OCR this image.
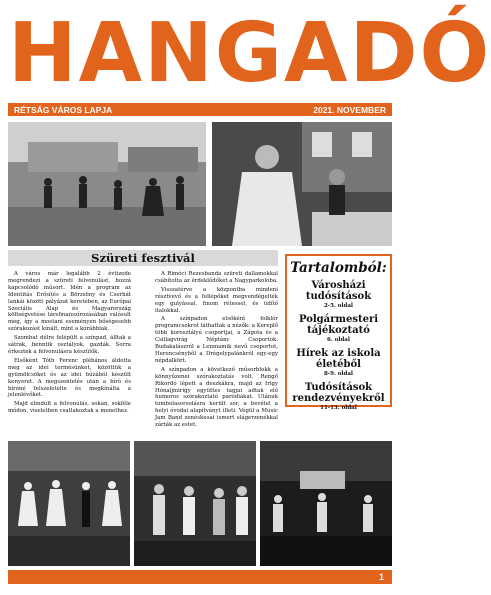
HANGADÓ
RÉTSÁG VÁROS LAPJA	2021. NOVEMBER
Szüreti fesztivál

A város már legalább 2 évtizede megrendezi a szüreti felvonulást, hozzá kapcsolódó műsort. Idén a program az Identitás Erősítés a Börzsöny és Cserhát lankái között pályázat keretében, az Európai Szociális Alap és Magyarország költségvetése társfinanszírozásában valósult meg, így a mostani eseményen bőségesebb szórakozást kínált, mint a korábbiak.

Szombat délre felépült a színpad, álltak a sátrak, benntik osztályok, gazdák. Sorra érkeztek a felvonulásra készülők.

Elsőként Tóth Ferenc plébános áldotta meg az idei termésünket, közöttük a gyümölcsöket és az idei búzából készült kenyeret. A megszentelés után a bíró és bíróné felszeletelte és megkínálta a jelenlévőket.

Majd elindult a felvonulás, sokan, sokféle módon, viseletben csatlakoztak a menethez.

A Rimóci Rezesbanda szüreti dallamokkal csábította az érdeklődőket a Nagyparkolóba.

Visszatérve a központba mindeni résztvevő és a fellépőket megvendégelték egy gulyással, finom rétessel, és üdítő italokkal.

A színpadon elsőként folklór programcsokrot láthattak a nézők: a Kereplő több korosztályú csoportjai, a Zágota és a Csillagvirág Néptánc Csoportok. Budakalászról a Lenmamik nevű csoportot, Herencsényből a Drégelypalánkról egy-egy népdalkört.

A színpadon a következő műsorblokk a könnyűzenei szórakoztatás volt. Rengő Rikordó lépett a deszkákra, majd az Irigy Hónaljmirigy együttes tagjai adtak elő humoros szórakoztató paródiákat. Utánuk tombolasorsolásra került sor, a bevétel a helyi óvodai alapítványt illeti. Végül a Music Jam Band zenéskusai ismert slágerzenékkal zárták az estet.

Tartalomból:
Városházi tudósítások
2-5. oldal
Polgármesteri tájékoztató
6. oldal
Hírek az iskola életéből
8-9. oldal
Tudósítások rendezvényekről
11-13. oldal
1
